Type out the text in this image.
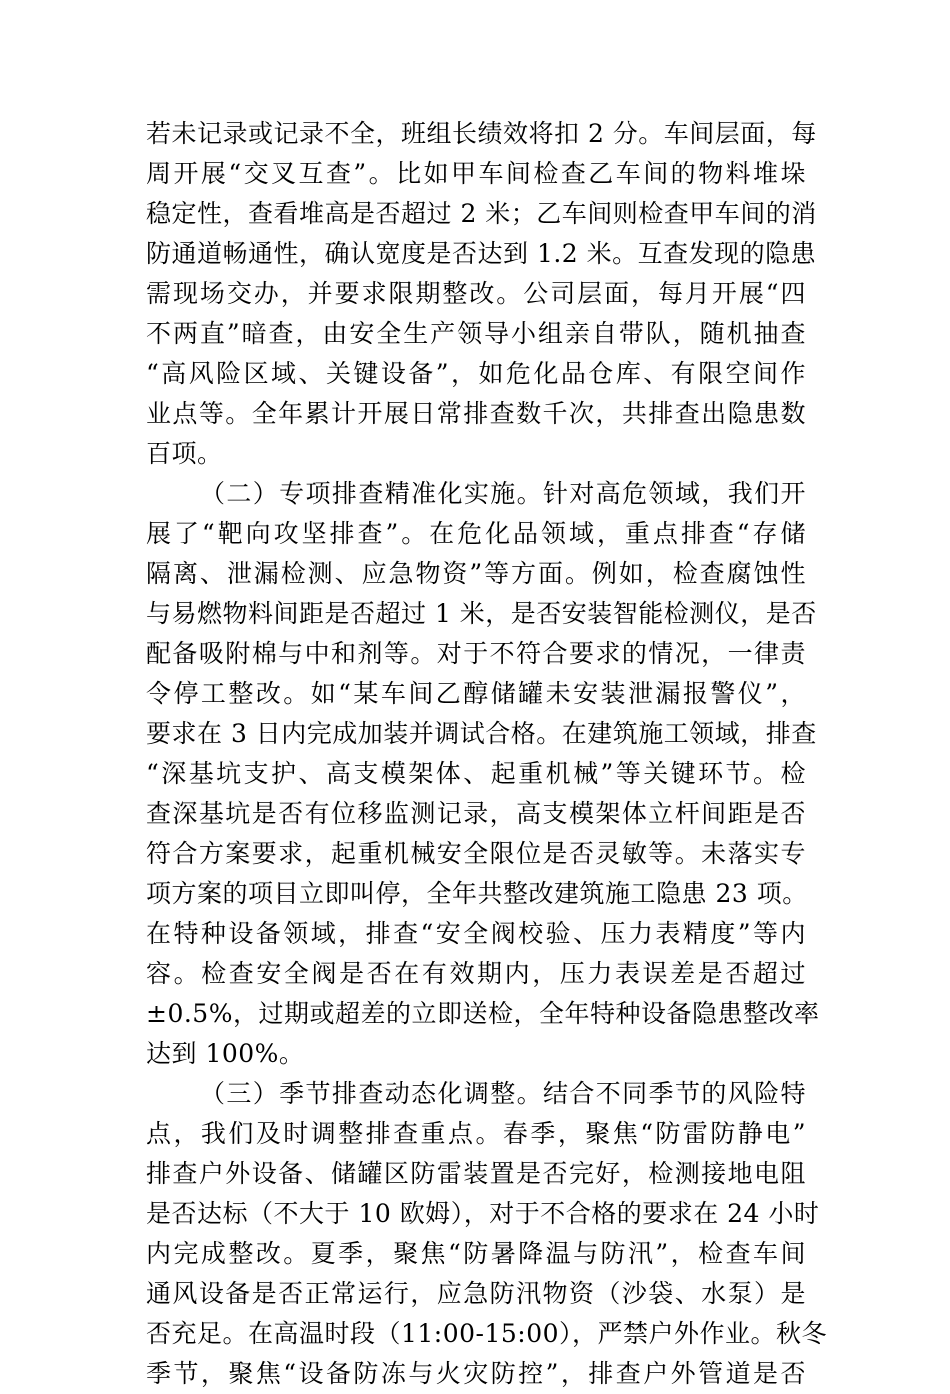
若未记录或记录不全，班组长绩效将扣 2 分。车间层面，每
周开展“交叉互查”。比如甲车间检查乙车间的物料堆垛
稳定性，查看堆高是否超过 2 米；乙车间则检查甲车间的消
防通道畅通性，确认宽度是否达到 1.2 米。互查发现的隐患
需现场交办，并要求限期整改。公司层面，每月开展“四
不两直”暗查，由安全生产领导小组亲自带队，随机抽查
“高风险区域、关键设备”，如危化品仓库、有限空间作
业点等。全年累计开展日常排查数千次，共排查出隐患数
百项。
（二）专项排查精准化实施。针对高危领域，我们开
展了“靶向攻坚排查”。在危化品领域，重点排查“存储
隔离、泄漏检测、应急物资”等方面。例如，检查腐蚀性
与易燃物料间距是否超过 1 米，是否安装智能检测仪，是否
配备吸附棉与中和剂等。对于不符合要求的情况，一律责
令停工整改。如“某车间乙醇储罐未安装泄漏报警仪”，
要求在 3 日内完成加装并调试合格。在建筑施工领域，排查
“深基坑支护、高支模架体、起重机械”等关键环节。检
查深基坑是否有位移监测记录，高支模架体立杆间距是否
符合方案要求，起重机械安全限位是否灵敏等。未落实专
项方案的项目立即叫停，全年共整改建筑施工隐患 23 项。
在特种设备领域，排查“安全阀校验、压力表精度”等内
容。检查安全阀是否在有效期内，压力表误差是否超过
±0.5%，过期或超差的立即送检，全年特种设备隐患整改率
达到 100%。
（三）季节排查动态化调整。结合不同季节的风险特
点，我们及时调整排查重点。春季，聚焦“防雷防静电”
排查户外设备、储罐区防雷装置是否完好，检测接地电阻
是否达标（不大于 10 欧姆），对于不合格的要求在 24 小时
内完成整改。夏季，聚焦“防暑降温与防汛”，检查车间
通风设备是否正常运行，应急防汛物资（沙袋、水泵）是
否充足。在高温时段（11:00-15:00），严禁户外作业。秋冬
季节，聚焦“设备防冻与火灾防控”，排查户外管道是否
